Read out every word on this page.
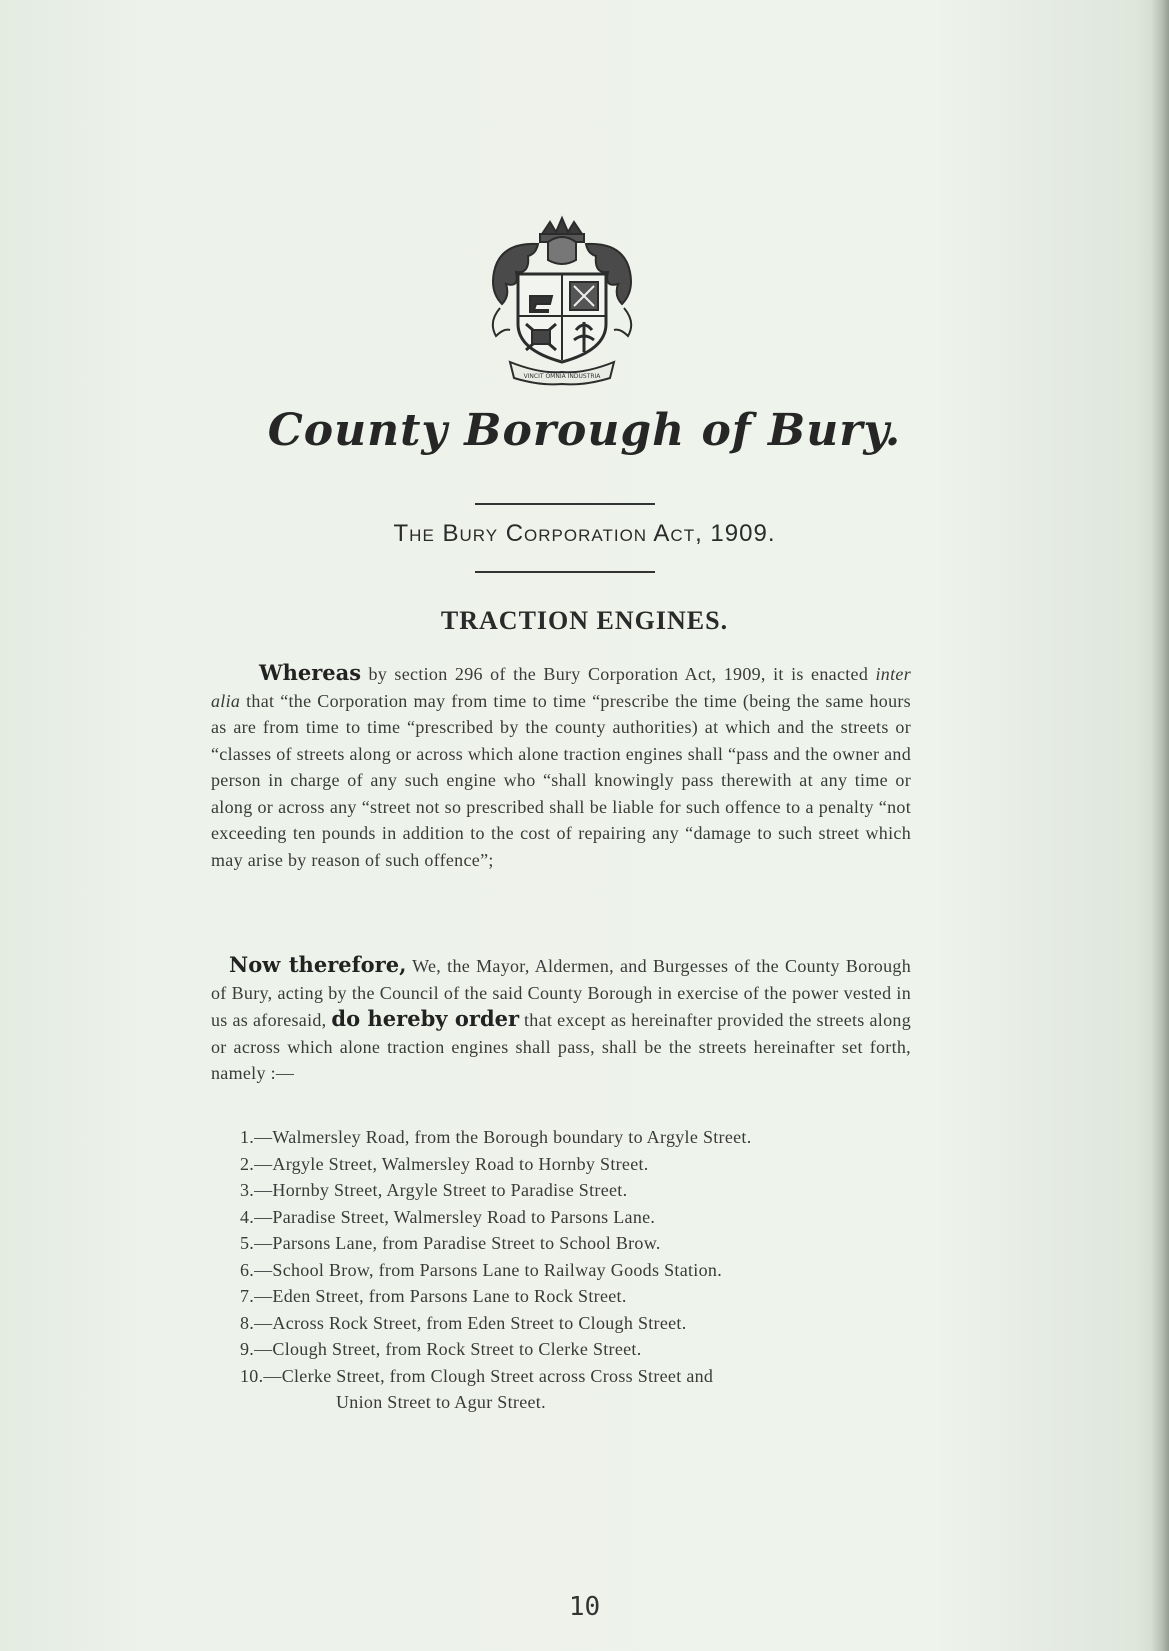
VINCIT OMNIA INDUSTRIA
County Borough of Bury.
The Bury Corporation Act, 1909.
TRACTION ENGINES.
Whereas by section 296 of the Bury Corporation Act, 1909, it is enacted inter alia that “the Corporation may from time to time “prescribe the time (being the same hours as are from time to time “prescribed by the county authorities) at which and the streets or “classes of streets along or across which alone traction engines shall “pass and the owner and person in charge of any such engine who “shall knowingly pass therewith at any time or along or across any “street not so prescribed shall be liable for such offence to a penalty “not exceeding ten pounds in addition to the cost of repairing any “damage to such street which may arise by reason of such offence”;
Now therefore, We, the Mayor, Aldermen, and Burgesses of the County Borough of Bury, acting by the Council of the said County Borough in exercise of the power vested in us as aforesaid, do hereby order that except as hereinafter provided the streets along or across which alone traction engines shall pass, shall be the streets hereinafter set forth, namely :—
1.—Walmersley Road, from the Borough boundary to Argyle Street.
2.—Argyle Street, Walmersley Road to Hornby Street.
3.—Hornby Street, Argyle Street to Paradise Street.
4.—Paradise Street, Walmersley Road to Parsons Lane.
5.—Parsons Lane, from Paradise Street to School Brow.
6.—School Brow, from Parsons Lane to Railway Goods Station.
7.—Eden Street, from Parsons Lane to Rock Street.
8.—Across Rock Street, from Eden Street to Clough Street.
9.—Clough Street, from Rock Street to Clerke Street.
10.—Clerke Street, from Clough Street across Cross Street and
Union Street to Agur Street.
10
